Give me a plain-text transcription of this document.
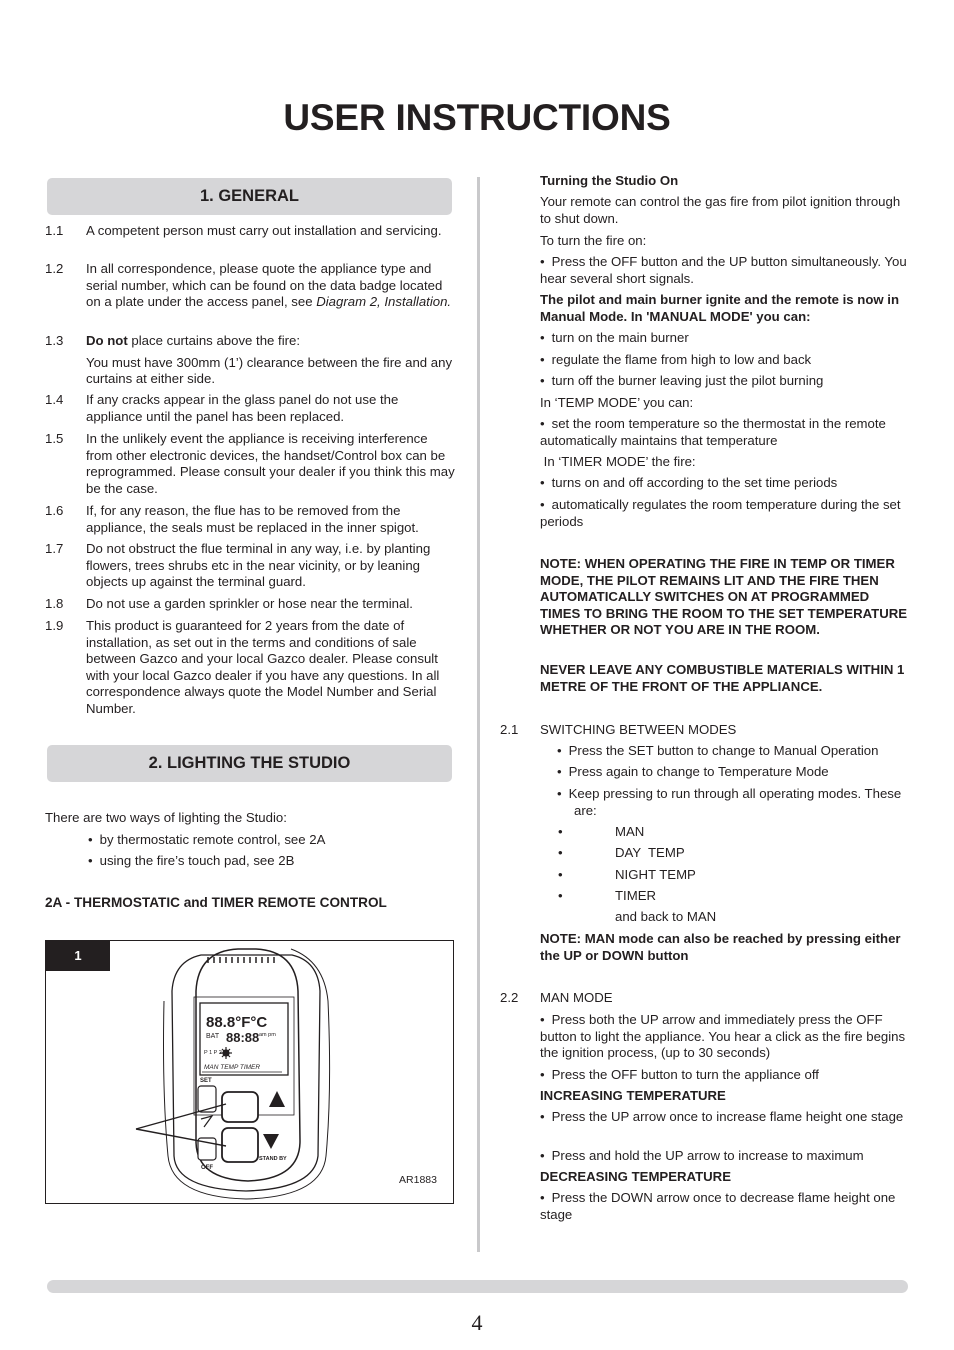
USER INSTRUCTIONS
1. GENERAL
1.1 A competent person must carry out installation and servicing.
1.2 In all correspondence, please quote the appliance type and serial number, which can be found on the data badge located on a plate under the access panel, see Diagram 2, Installation.
1.3 Do not place curtains above the fire:
You must have 300mm (1’) clearance between the fire and any curtains at either side.
1.4 If any cracks appear in the glass panel do not use the appliance until the panel has been replaced.
1.5 In the unlikely event the appliance is receiving interference from other electronic devices, the handset/Control box can be reprogrammed. Please consult your dealer if you think this may be the case.
1.6 If, for any reason, the flue has to be removed from the appliance, the seals must be replaced in the inner spigot.
1.7 Do not obstruct the flue terminal in any way, i.e. by planting flowers, trees shrubs etc in the near vicinity, or by leaning objects up against the terminal guard.
1.8 Do not use a garden sprinkler or hose near the terminal.
1.9 This product is guaranteed for 2 years from the date of installation, as set out in the terms and conditions of sale between Gazco and your local Gazco dealer. Please consult with your local Gazco dealer if you have any questions. In all correspondence always quote the Model Number and Serial Number.
2. LIGHTING THE STUDIO
There are two ways of lighting the Studio:
• by thermostatic remote control, see 2A
• using the fire’s touch pad, see 2B
2A - THERMOSTATIC and TIMER REMOTE CONTROL
1
88.8°F°C
BAT 88:88 am pm
P 1 P 2
MAN TEMP TIMER
SET
OFF
STAND BY
AR1883
Turning the Studio On
Your remote can control the gas fire from pilot ignition through to shut down.
To turn the fire on:
• Press the OFF button and the UP button simultaneously. You hear several short signals.
The pilot and main burner ignite and the remote is now in Manual Mode. In 'MANUAL MODE' you can:
• turn on the main burner
• regulate the flame from high to low and back
• turn off the burner leaving just the pilot burning
In ‘TEMP MODE’ you can:
• set the room temperature so the thermostat in the remote automatically maintains that temperature
In ‘TIMER MODE’ the fire:
• turns on and off according to the set time periods
• automatically regulates the room temperature during the set periods
NOTE: WHEN OPERATING THE FIRE IN TEMP OR TIMER MODE, THE PILOT REMAINS LIT AND THE FIRE THEN AUTOMATICALLY SWITCHES ON AT PROGRAMMED TIMES TO BRING THE ROOM TO THE SET TEMPERATURE WHETHER OR NOT YOU ARE IN THE ROOM.
NEVER LEAVE ANY COMBUSTIBLE MATERIALS WITHIN 1 METRE OF THE FRONT OF THE APPLIANCE.
2.1 SWITCHING BETWEEN MODES
• Press the SET button to change to Manual Operation
• Press again to change to Temperature Mode
• Keep pressing to run through all operating modes. These are:
•	MAN
•	DAY  TEMP
•	NIGHT TEMP
•	TIMER
and back to MAN
NOTE: MAN mode can also be reached by pressing either the UP or DOWN button
2.2 MAN MODE
• Press both the UP arrow and immediately press the OFF button to light the appliance. You hear a click as the fire begins the ignition process, (up to 30 seconds)
• Press the OFF button to turn the appliance off
INCREASING TEMPERATURE
• Press the UP arrow once to increase flame height one stage
• Press and hold the UP arrow to increase to maximum
DECREASING TEMPERATURE
• Press the DOWN arrow once to decrease flame height one stage
4
